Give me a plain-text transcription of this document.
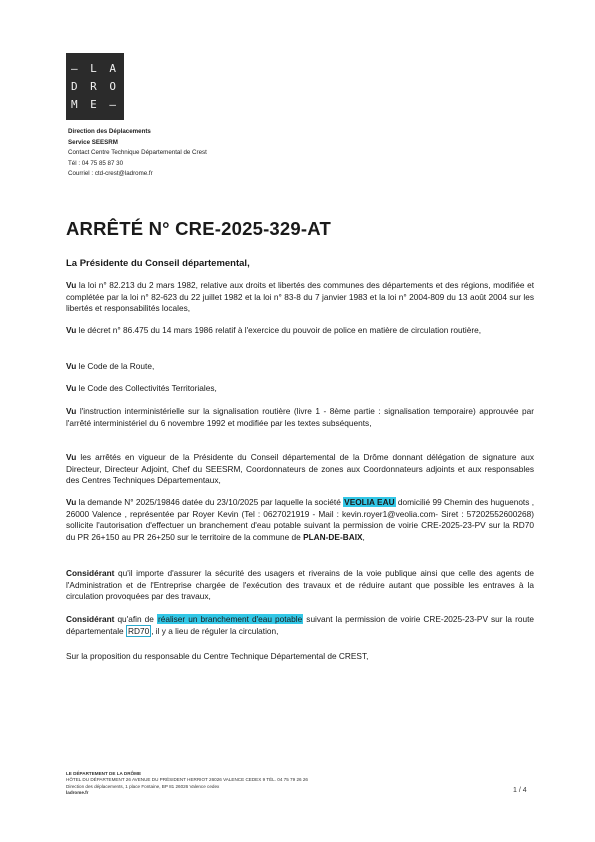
– L A
D R O
M E –
Direction des Déplacements
Service SEESRM
Contact Centre Technique Départemental de Crest
Tél : 04 75 85 87 30
Courriel : ctd-crest@ladrome.fr
ARRÊTÉ N° CRE-2025-329-AT
La Présidente du Conseil départemental,
Vu la loi n° 82.213 du 2 mars 1982, relative aux droits et libertés des communes des départements et des régions, modifiée et complétée par la loi n° 82-623 du 22 juillet 1982 et la loi n° 83-8 du 7 janvier 1983 et la loi n° 2004-809 du 13 août 2004 sur les libertés et responsabilités locales,
Vu le décret n° 86.475 du 14 mars 1986 relatif à l'exercice du pouvoir de police en matière de circulation routière,
Vu le Code de la Route,
Vu le Code des Collectivités Territoriales,
Vu l'instruction interministérielle sur la signalisation routière (livre 1 - 8ème partie : signalisation temporaire) approuvée par l'arrêté interministériel du 6 novembre 1992 et modifiée par les textes subséquents,
Vu les arrêtés en vigueur de la Présidente du Conseil départemental de la Drôme donnant délégation de signature aux Directeur, Directeur Adjoint, Chef du SEESRM, Coordonnateurs de zones aux Coordonnateurs adjoints et aux responsables des Centres Techniques Départementaux,
Vu la demande N° 2025/19846 datée du 23/10/2025 par laquelle la société VEOLIA EAU domicilié 99 Chemin des huguenots , 26000 Valence , représentée par Royer Kevin (Tel : 0627021919 - Mail : kevin.royer1@veolia.com- Siret : 57202552600268) sollicite l'autorisation d'effectuer un branchement d'eau potable suivant la permission de voirie CRE-2025-23-PV sur la RD70 du PR 26+150 au PR 26+250 sur le territoire de la commune de PLAN-DE-BAIX,
Considérant qu'il importe d'assurer la sécurité des usagers et riverains de la voie publique ainsi que celle des agents de l'Administration et de l'Entreprise chargée de l'exécution des travaux et de réduire autant que possible les entraves à la circulation provoquées par des travaux,
Considérant qu'afin de réaliser un branchement d'eau potable suivant la permission de voirie CRE-2025-23-PV sur la route départementale RD70 , il y a lieu de réguler la circulation,
Sur la proposition du responsable du Centre Technique Départemental de CREST,
LE DÉPARTEMENT DE LA DRÔME
HÔTEL DU DÉPARTEMENT 26 AVENUE DU PRÉSIDENT HERRIOT 26026 VALENCE CEDEX 9 TÉL. 04 75 79 26 26
Direction des déplacements, 1 place Fontaine, BP 81 26026 Valence cedex
ladrome.fr	1 / 4
